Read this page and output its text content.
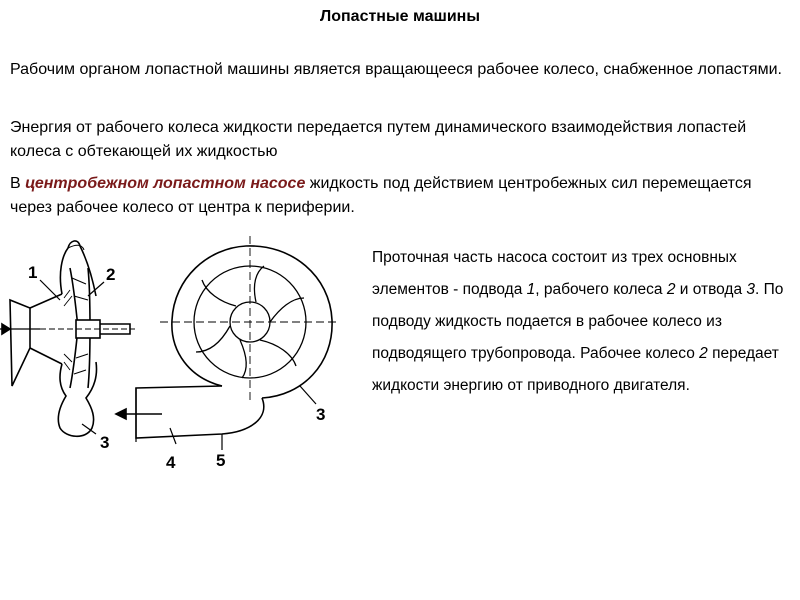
Лопастные машины

Рабочим органом лопастной машины является вращающееся рабочее колесо, снабженное лопастями.

Энергия от рабочего колеса жидкости передается путем динамического взаимодействия лопастей колеса с обтекающей их жидкостью

В центробежном лопастном насосе жидкость под действием центробежных сил перемещается через рабочее колесо от центра к периферии.

Проточная часть насоса состоит из трех основных элементов - подвода 1, рабочего колеса 2 и отвода 3. По подводу жидкость подается в рабочее колесо из подводящего трубопровода. Рабочее колесо 2 передает жидкости энергию от приводного двигателя.

1	2
3
3
4 5
